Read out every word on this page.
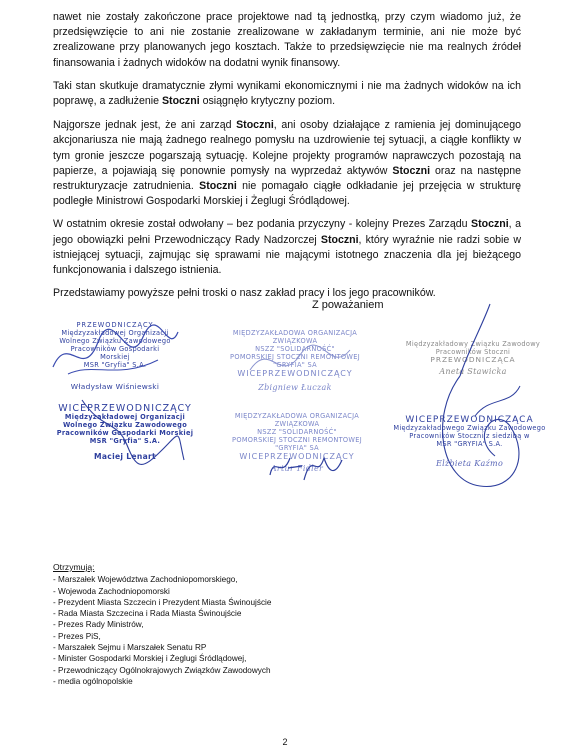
nawet nie zostały zakończone prace projektowe nad tą jednostką, przy czym wiadomo już, że
przedsięwzięcie to ani nie zostanie zrealizowane w zakładanym terminie, ani nie może być
zrealizowane przy planowanych jego kosztach. Także to przedsięwzięcie nie ma realnych źródeł
finansowania i żadnych widoków na dodatni wynik finansowy.

Taki stan skutkuje dramatycznie złymi wynikami ekonomicznymi i nie ma żadnych widoków na ich poprawę, a zadłużenie Stoczni osiągnęło krytyczny poziom.

Najgorsze jednak jest, że ani zarząd Stoczni, ani osoby działające z ramienia jej dominującego akcjonariusza nie mają żadnego realnego pomysłu na uzdrowienie tej sytuacji, a ciągłe konflikty w tym gronie jeszcze pogarszają sytuację. Kolejne projekty programów naprawczych pozostają na papierze, a pojawiają się ponownie pomysły na wyprzedaż aktywów Stoczni oraz na następne restrukturyzacje zatrudnienia. Stoczni nie pomagało ciągłe odkładanie jej przejęcia w strukturę podległe Ministrowi Gospodarki Morskiej i Żeglugi Śródlądowej.

W ostatnim okresie został odwołany – bez podania przyczyny - kolejny Prezes Zarządu Stoczni, a jego obowiązki pełni Przewodniczący Rady Nadzorczej Stoczni, który wyraźnie nie radzi sobie w istniejącej sytuacji, zajmując się sprawami nie mającymi istotnego znaczenia dla jej bieżącego funkcjonowania i dalszego istnienia.

Przedstawiamy powyższe pełni troski o nasz zakład pracy i los jego pracowników.

Z poważaniem
PRZEWODNICZĄCY
Międzyzakładowej Organizacji
Wolnego Związku Zawodowego
Pracowników Gospodarki Morskiej
MSR "Gryfia" S.A.
Władysław Wiśniewski
MIĘDZYZAKŁADOWA ORGANIZACJA ZWIĄZKOWA
NSZZ "SOLIDARNOŚĆ"
POMORSKIEJ STOCZNI REMONTOWEJ "GRYFIA" SA
WICEPRZEWODNICZĄCY
Zbigniew Łuczak
Międzyzakładowy Związku Zawodowy
Pracowników Stoczni
PRZEWODNICZĄCA
Aneta Stawicka
WICEPRZEWODNICZĄCY
Międzyzakładowej Organizacji
Wolnego Związku Zawodowego
Pracowników Gospodarki Morskiej
MSR "Gryfia" S.A.
Maciej Lenart
MIĘDZYZAKŁADOWA ORGANIZACJA ZWIĄZKOWA
NSZZ "SOLIDARNOŚĆ"
POMORSKIEJ STOCZNI REMONTOWEJ "GRYFIA" SA
WICEPRZEWODNICZĄCY
Artur Fidler
WICEPRZEWODNICZĄCA
Międzyzakładowego Związku Zawodowego
Pracowników Stoczni z siedzibą w
MSR "GRYFIA" S.A.
Elżbieta Kaźmo
Otrzymują:
- Marszałek Województwa Zachodniopomorskiego,
- Wojewoda Zachodniopomorski
- Prezydent Miasta Szczecin i Prezydent Miasta Świnoujście
- Rada Miasta Szczecina i Rada Miasta Świnoujście
- Prezes Rady Ministrów,
- Prezes PiS,
- Marszałek Sejmu i Marszałek Senatu RP
- Minister Gospodarki Morskiej i Żeglugi Śródlądowej,
- Przewodniczący Ogólnokrajowych Związków Zawodowych
- media ogólnopolskie
2
